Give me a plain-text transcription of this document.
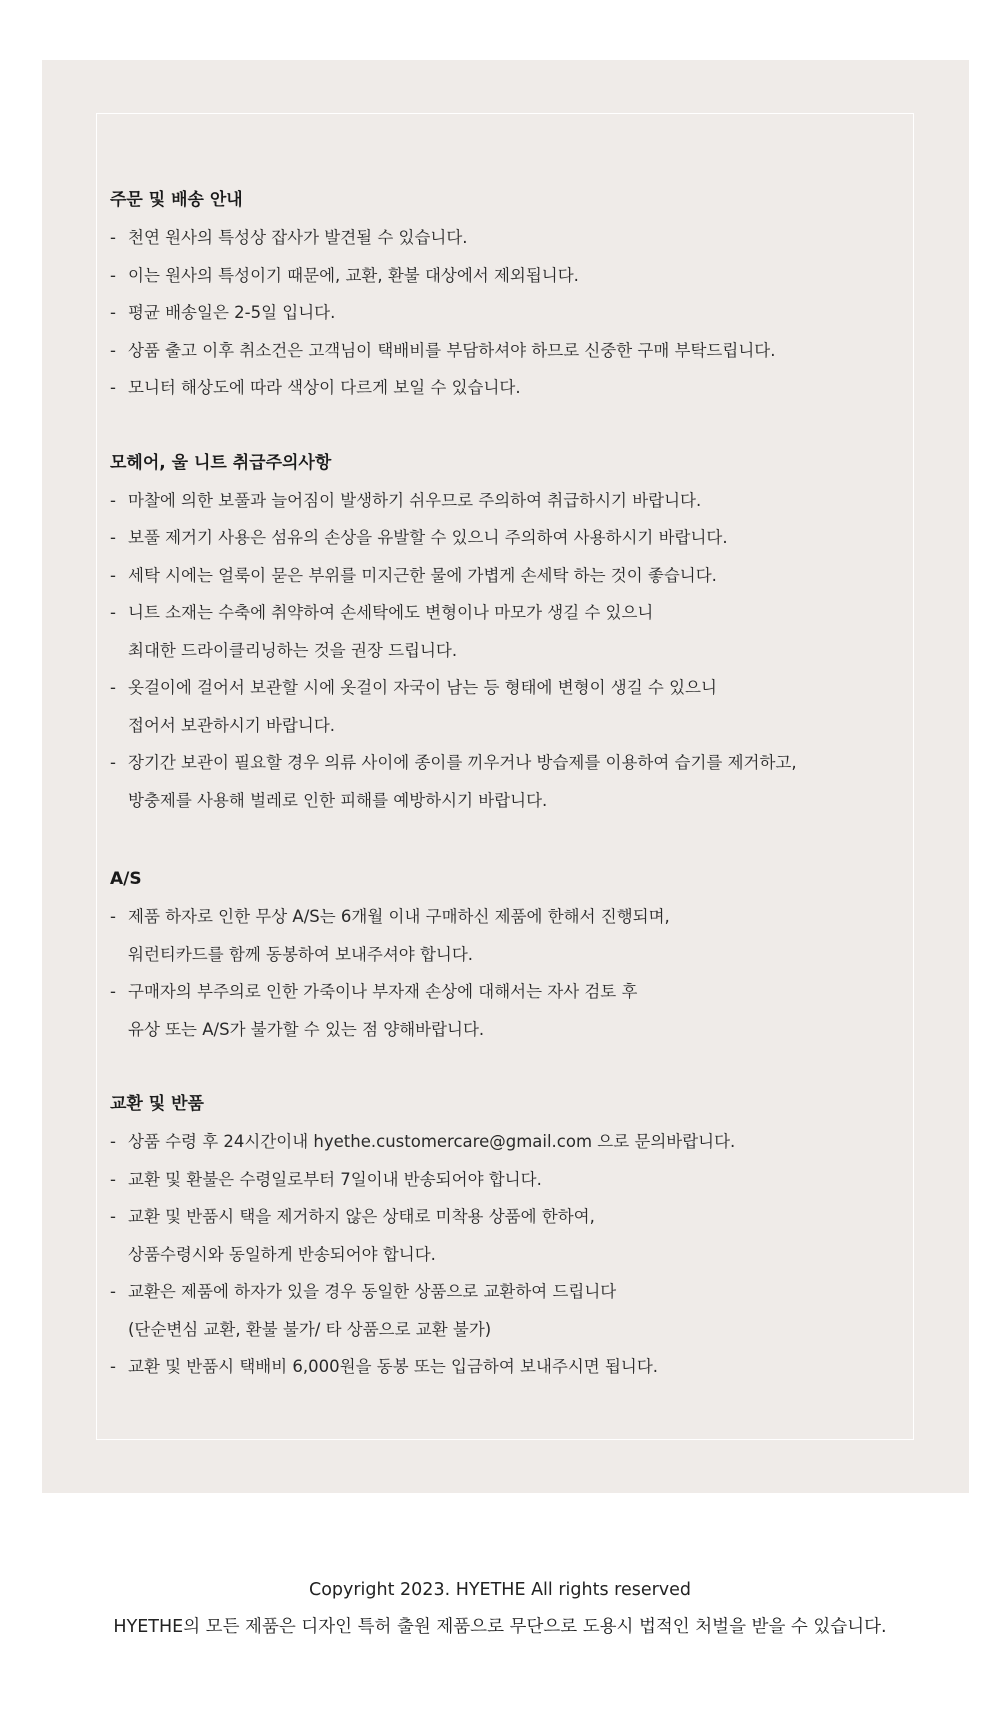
주문 및 배송 안내
- 천연 원사의 특성상 잡사가 발견될 수 있습니다.
- 이는 원사의 특성이기 때문에, 교환, 환불 대상에서 제외됩니다.
- 평균 배송일은 2-5일 입니다.
- 상품 출고 이후 취소건은 고객님이 택배비를 부담하셔야 하므로 신중한 구매 부탁드립니다.
- 모니터 해상도에 따라 색상이 다르게 보일 수 있습니다.
모헤어, 울 니트 취급주의사항
- 마찰에 의한 보풀과 늘어짐이 발생하기 쉬우므로 주의하여 취급하시기 바랍니다.
- 보풀 제거기 사용은 섬유의 손상을 유발할 수 있으니 주의하여 사용하시기 바랍니다.
- 세탁 시에는 얼룩이 묻은 부위를 미지근한 물에 가볍게 손세탁 하는 것이 좋습니다.
- 니트 소재는 수축에 취약하여 손세탁에도 변형이나 마모가 생길 수 있으니
최대한 드라이클리닝하는 것을 권장 드립니다.
- 옷걸이에 걸어서 보관할 시에 옷걸이 자국이 남는 등 형태에 변형이 생길 수 있으니
접어서 보관하시기 바랍니다.
- 장기간 보관이 필요할 경우 의류 사이에 종이를 끼우거나 방습제를 이용하여 습기를 제거하고,
방충제를 사용해 벌레로 인한 피해를 예방하시기 바랍니다.
A/S
- 제품 하자로 인한 무상 A/S는 6개월 이내 구매하신 제품에 한해서 진행되며,
워런티카드를 함께 동봉하여 보내주셔야 합니다.
- 구매자의 부주의로 인한 가죽이나 부자재 손상에 대해서는 자사 검토 후
유상 또는 A/S가 불가할 수 있는 점 양해바랍니다.
교환 및 반품
- 상품 수령 후 24시간이내 hyethe.customercare@gmail.com 으로 문의바랍니다.
- 교환 및 환불은 수령일로부터 7일이내 반송되어야 합니다.
- 교환 및 반품시 택을 제거하지 않은 상태로 미착용 상품에 한하여,
상품수령시와 동일하게 반송되어야 합니다.
- 교환은 제품에 하자가 있을 경우 동일한 상품으로 교환하여 드립니다
(단순변심 교환, 환불 불가/ 타 상품으로 교환 불가)
- 교환 및 반품시 택배비 6,000원을 동봉 또는 입금하여 보내주시면 됩니다.
Copyright 2023. HYETHE All rights reserved
HYETHE의 모든 제품은 디자인 특허 출원 제품으로 무단으로 도용시 법적인 처벌을 받을 수 있습니다.
